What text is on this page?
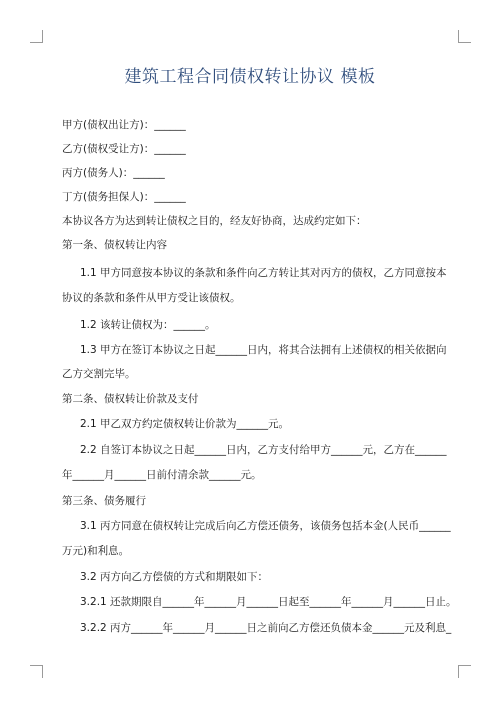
建筑工程合同债权转让协议 模板
甲方(债权出让方)：______
乙方(债权受让方)：______
丙方(债务人)：______
丁方(债务担保人)：______
本协议各方为达到转让债权之目的，经友好协商，达成约定如下：
第一条、债权转让内容
1.1 甲方同意按本协议的条款和条件向乙方转让其对丙方的债权，乙方同意按本
协议的条款和条件从甲方受让该债权。
1.2 该转让债权为：______。
1.3 甲方在签订本协议之日起______日内，将其合法拥有上述债权的相关依据向
乙方交割完毕。
第二条、债权转让价款及支付
2.1 甲乙双方约定债权转让价款为______元。
2.2 自签订本协议之日起______日内，乙方支付给甲方______元，乙方在______
年______月______日前付清余款______元。
第三条、债务履行
3.1 丙方同意在债权转让完成后向乙方偿还债务，该债务包括本金(人民币______
万元)和利息。
3.2 丙方向乙方偿债的方式和期限如下：
3.2.1 还款期限自______年______月______日起至______年______月______日止。
3.2.2 丙方______年______月______日之前向乙方偿还负债本金______元及利息_
